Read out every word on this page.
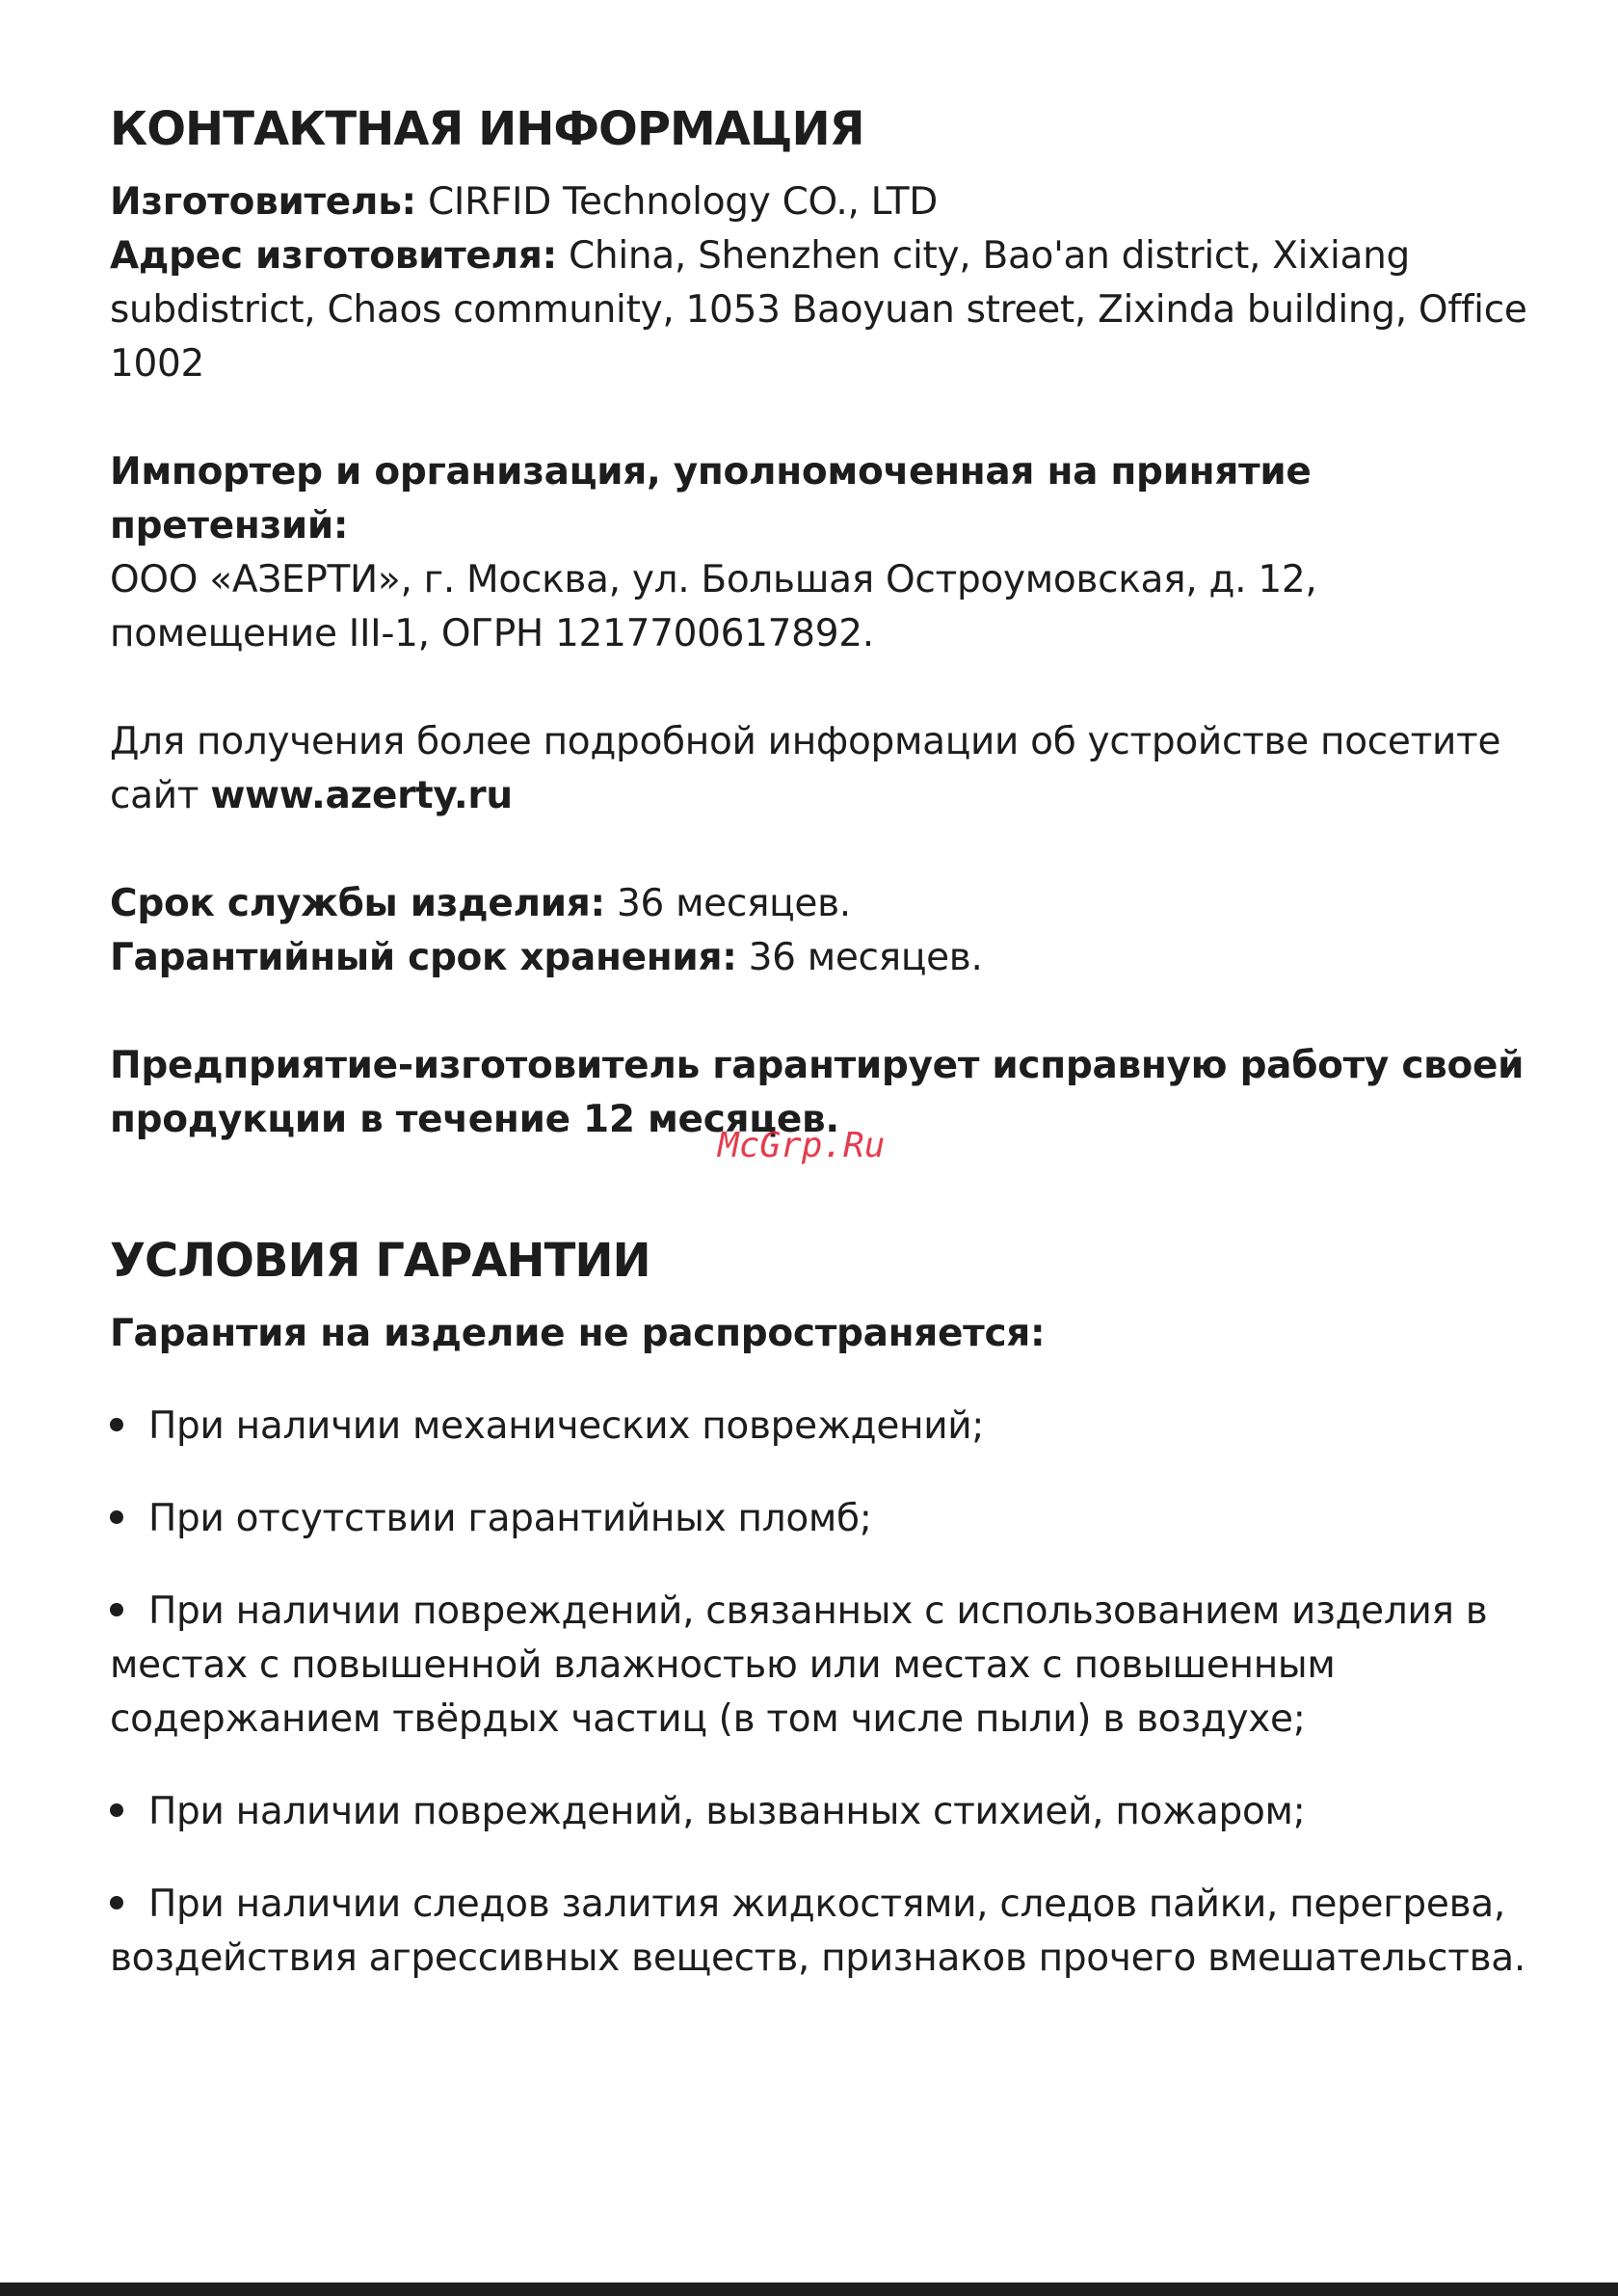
КОНТАКТНАЯ ИНФОРМАЦИЯ

Изготовитель: CIRFID Technology CO., LTD

Адрес изготовителя: China, Shenzhen city, Bao'an district, Xixiang subdistrict, Chaos community, 1053 Baoyuan street, Zixinda building, Office 1002

Импортер и организация, уполномоченная на принятие претензий:

ООО «АЗЕРТИ», г. Москва, ул. Большая Остроумовская, д. 12, помещение III-1, ОГРН 1217700617892.

Для получения более подробной информации об устройстве посетите сайт www.azerty.ru

Срок службы изделия: 36 месяцев.

Гарантийный срок хранения: 36 месяцев.

Предприятие-изготовитель гарантирует исправную работу своей продукции в течение 12 месяцев.

УСЛОВИЯ ГАРАНТИИ

Гарантия на изделие не распространяется:

При наличии механических повреждений;
При отсутствии гарантийных пломб;
При наличии повреждений, связанных с использованием изделия в местах с повышенной влажностью или местах с повышенным содержанием твёрдых частиц (в том числе пыли) в воздухе;
При наличии повреждений, вызванных стихией, пожаром;
При наличии следов залития жидкостями, следов пайки, перегрева, воздействия агрессивных веществ, признаков прочего вмешательства.
McGrp.Ru
